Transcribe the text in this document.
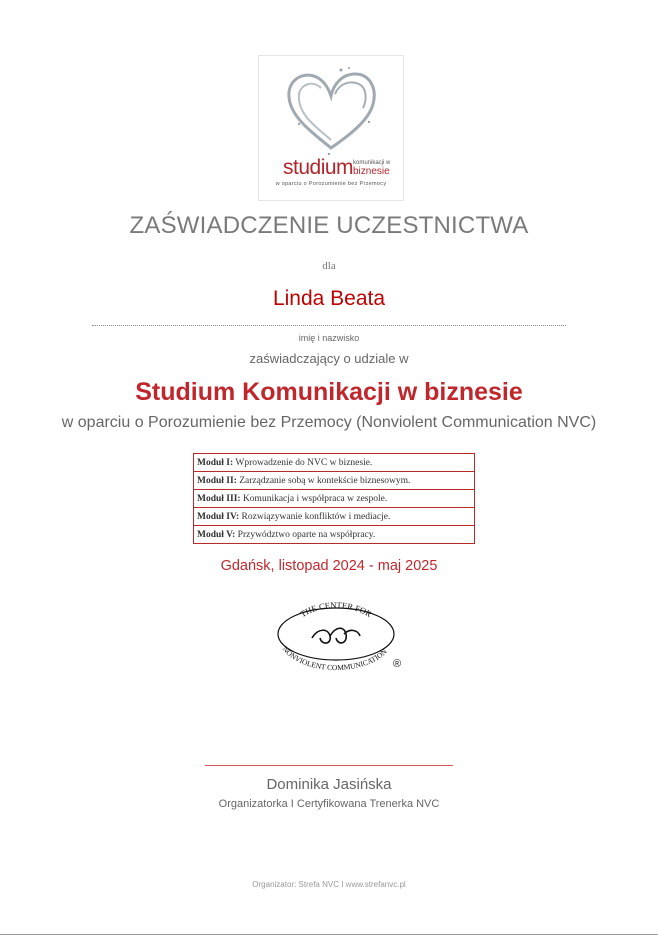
studium komunikacji w
biznesie
w oparciu o Porozumienie bez Przemocy
ZAŚWIADCZENIE UCZESTNICTWA
dla
Linda Beata
imię i nazwisko
zaświadczający o udziale w
Studium Komunikacji w biznesie
w oparciu o Porozumienie bez Przemocy (Nonviolent Communication NVC)
Moduł I: Wprowadzenie do NVC w biznesie.
Moduł II: Zarządzanie sobą w kontekście biznesowym.
Moduł III: Komunikacja i współpraca w zespole.
Moduł IV: Rozwiązywanie konfliktów i mediacje.
Moduł V: Przywództwo oparte na współpracy.
Gdańsk, listopad 2024 - maj 2025
THE CENTER FOR
NONVIOLENT COMMUNICATION
®
Dominika Jasińska
Organizatorka I Certyfikowana Trenerka NVC
Organizator: Strefa NVC I www.strefanvc.pl
